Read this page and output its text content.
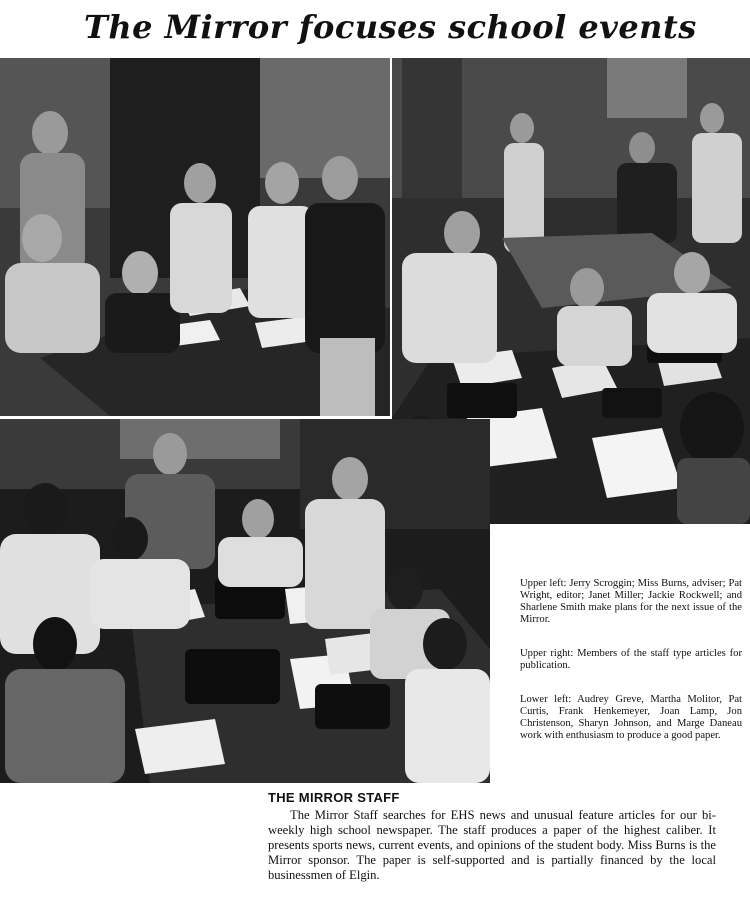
The Mirror focuses school events

Upper left: Jerry Scroggin; Miss Burns, adviser; Pat Wright, editor; Janet Miller; Jackie Rockwell; and Sharlene Smith make plans for the next issue of the Mirror.

Upper right: Members of the staff type articles for publication.

Lower left: Audrey Greve, Martha Molitor, Pat Curtis, Frank Henkemeyer, Joan Lamp, Jon Christenson, Sharyn Johnson, and Marge Daneau work with enthusiasm to produce a good paper.

THE MIRROR STAFF

The Mirror Staff searches for EHS news and unusual feature articles for our bi-weekly high school newspaper. The staff produces a paper of the highest caliber. It presents sports news, current events, and opinions of the student body. Miss Burns is the Mirror sponsor. The paper is self-supported and is partially financed by the local businessmen of Elgin.
